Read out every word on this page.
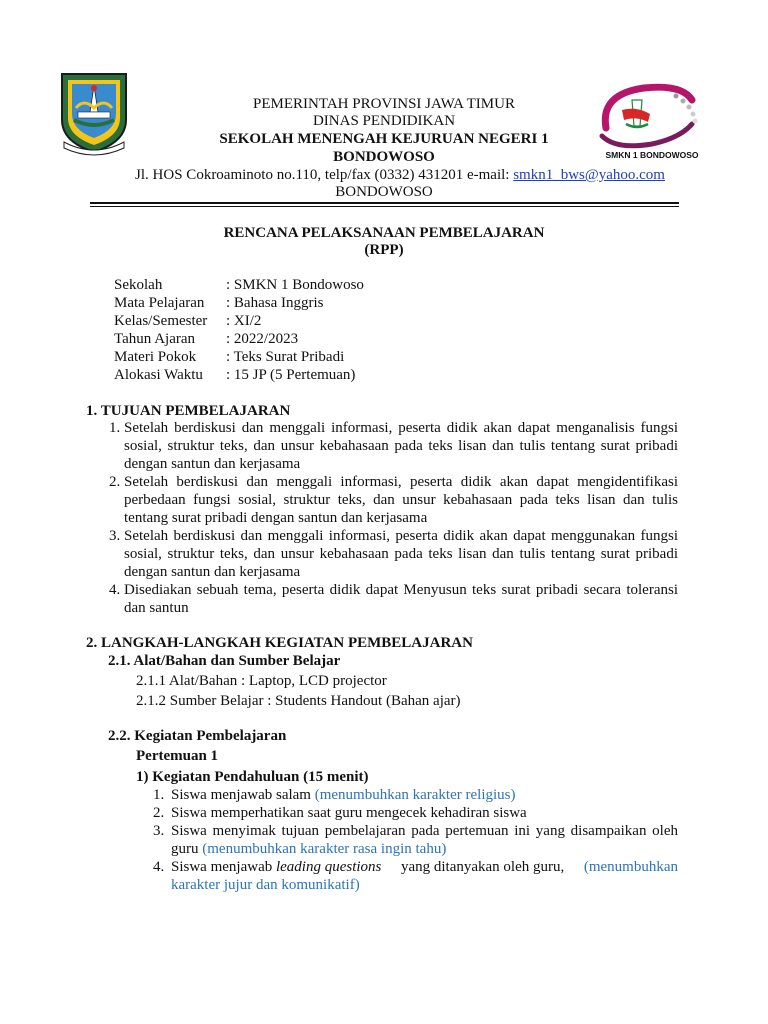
SMKN 1 BONDOWOSO
PEMERINTAH PROVINSI JAWA TIMUR
DINAS PENDIDIKAN
SEKOLAH MENENGAH KEJURUAN NEGERI 1
BONDOWOSO
Jl. HOS Cokroaminoto no.110, telp/fax (0332) 431201 e-mail: smkn1_bws@yahoo.com
BONDOWOSO
RENCANA PELAKSANAAN PEMBELAJARAN
(RPP)
Sekolah	: SMKN 1 Bondowoso
Mata Pelajaran	: Bahasa Inggris
Kelas/Semester	: XI/2
Tahun Ajaran	: 2022/2023
Materi Pokok	: Teks Surat Pribadi
Alokasi Waktu	: 15 JP (5 Pertemuan)
1. TUJUAN PEMBELAJARAN
1. Setelah berdiskusi dan menggali informasi, peserta didik akan dapat menganalisis fungsi
sosial, struktur teks, dan unsur kebahasaan pada teks lisan dan tulis tentang surat pribadi
dengan santun dan kerjasama
2. Setelah berdiskusi dan menggali informasi, peserta didik akan dapat mengidentifikasi
perbedaan fungsi sosial, struktur teks, dan unsur kebahasaan pada teks lisan dan tulis
tentang surat pribadi dengan santun dan kerjasama
3. Setelah berdiskusi dan menggali informasi, peserta didik akan dapat menggunakan fungsi
sosial, struktur teks, dan unsur kebahasaan pada teks lisan dan tulis tentang surat pribadi
dengan santun dan kerjasama
4. Disediakan sebuah tema, peserta didik dapat Menyusun teks surat pribadi secara toleransi
dan santun
2. LANGKAH-LANGKAH KEGIATAN PEMBELAJARAN
2.1. Alat/Bahan dan Sumber Belajar
2.1.1 Alat/Bahan : Laptop, LCD projector
2.1.2 Sumber Belajar : Students Handout (Bahan ajar)
2.2. Kegiatan Pembelajaran
Pertemuan 1
1) Kegiatan Pendahuluan (15 menit)
1. Siswa menjawab salam (menumbuhkan karakter religius)
2. Siswa memperhatikan saat guru mengecek kehadiran siswa
3. Siswa menyimak tujuan pembelajaran pada pertemuan ini yang disampaikan oleh
guru (menumbuhkan karakter rasa ingin tahu)
4. Siswa menjawab leading questions	yang ditanyakan oleh guru,	(menumbuhkan
karakter jujur dan komunikatif)
